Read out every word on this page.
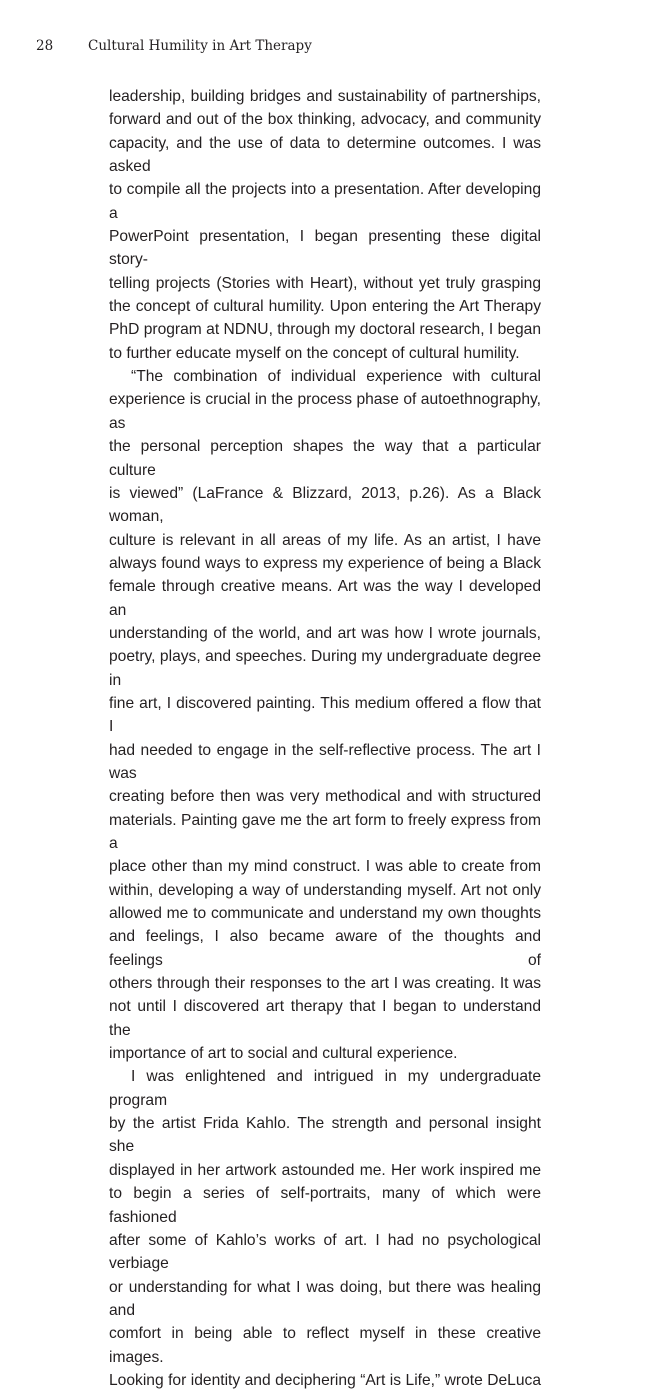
28	Cultural Humility in Art Therapy

leadership, building bridges and sustainability of partnerships,

forward and out of the box thinking, advocacy, and community

capacity, and the use of data to determine outcomes. I was asked

to compile all the projects into a presentation. After developing a

PowerPoint presentation, I began presenting these digital story-

telling projects (Stories with Heart), without yet truly grasping

the concept of cultural humility. Upon entering the Art Therapy

PhD program at NDNU, through my doctoral research, I began

to further educate myself on the concept of cultural humility.

“The combination of individual experience with cultural

experience is crucial in the process phase of autoethnography, as

the personal perception shapes the way that a particular culture

is viewed” (LaFrance & Blizzard, 2013, p.26). As a Black woman,

culture is relevant in all areas of my life. As an artist, I have

always found ways to express my experience of being a Black

female through creative means. Art was the way I developed an

understanding of the world, and art was how I wrote journals,

poetry, plays, and speeches. During my undergraduate degree in

fine art, I discovered painting. This medium offered a flow that I

had needed to engage in the self-reflective process. The art I was

creating before then was very methodical and with structured

materials. Painting gave me the art form to freely express from a

place other than my mind construct. I was able to create from

within, developing a way of understanding myself. Art not only

allowed me to communicate and understand my own thoughts

and feelings, I also became aware of the thoughts and feelings of

others through their responses to the art I was creating. It was

not until I discovered art therapy that I began to understand the

importance of art to social and cultural experience.

I was enlightened and intrigued in my undergraduate program

by the artist Frida Kahlo. The strength and personal insight she

displayed in her artwork astounded me. Her work inspired me

to begin a series of self-portraits, many of which were fashioned

after some of Kahlo’s works of art. I had no psychological verbiage

or understanding for what I was doing, but there was healing and

comfort in being able to reflect myself in these creative images.

Looking for identity and deciphering “Art is Life,” wrote DeLuca
